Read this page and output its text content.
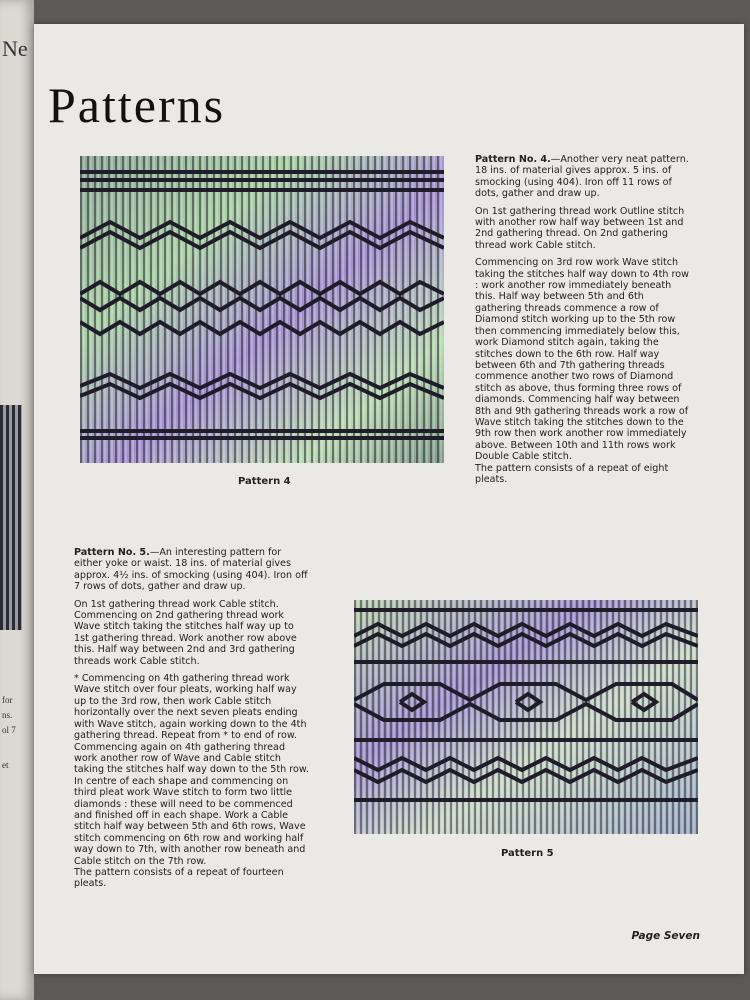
Ne
for
ns.
ol 7
et
Patterns
Pattern 4

Pattern No. 4.—Another very neat pattern. 18 ins. of material gives approx. 5 ins. of smocking (using 404). Iron off 11 rows of dots, gather and draw up.

On 1st gathering thread work Outline stitch with another row half way between 1st and 2nd gathering thread. On 2nd gathering thread work Cable stitch.

Commencing on 3rd row work Wave stitch taking the stitches half way down to 4th row : work another row immediately beneath this. Half way between 5th and 6th gathering threads commence a row of Diamond stitch working up to the 5th row then commencing immediately below this, work Diamond stitch again, taking the stitches down to the 6th row. Half way between 6th and 7th gathering threads commence another two rows of Diamond stitch as above, thus forming three rows of diamonds. Commencing half way between 8th and 9th gathering threads work a row of Wave stitch taking the stitches down to the 9th row then work another row immediately above. Between 10th and 11th rows work Double Cable stitch.
The pattern consists of a repeat of eight pleats.

Pattern No. 5.—An interesting pattern for either yoke or waist. 18 ins. of material gives approx. 4½ ins. of smocking (using 404). Iron off 7 rows of dots, gather and draw up.

On 1st gathering thread work Cable stitch. Commencing on 2nd gathering thread work Wave stitch taking the stitches half way up to 1st gathering thread. Work another row above this. Half way between 2nd and 3rd gathering threads work Cable stitch.

* Commencing on 4th gathering thread work Wave stitch over four pleats, working half way up to the 3rd row, then work Cable stitch horizontally over the next seven pleats ending with Wave stitch, again working down to the 4th gathering thread. Repeat from * to end of row. Commencing again on 4th gathering thread work another row of Wave and Cable stitch taking the stitches half way down to the 5th row. In centre of each shape and commencing on third pleat work Wave stitch to form two little diamonds : these will need to be commenced and finished off in each shape. Work a Cable stitch half way between 5th and 6th rows, Wave stitch commencing on 6th row and working half way down to 7th, with another row beneath and Cable stitch on the 7th row.
The pattern consists of a repeat of fourteen pleats.

Pattern 5
Page Seven
